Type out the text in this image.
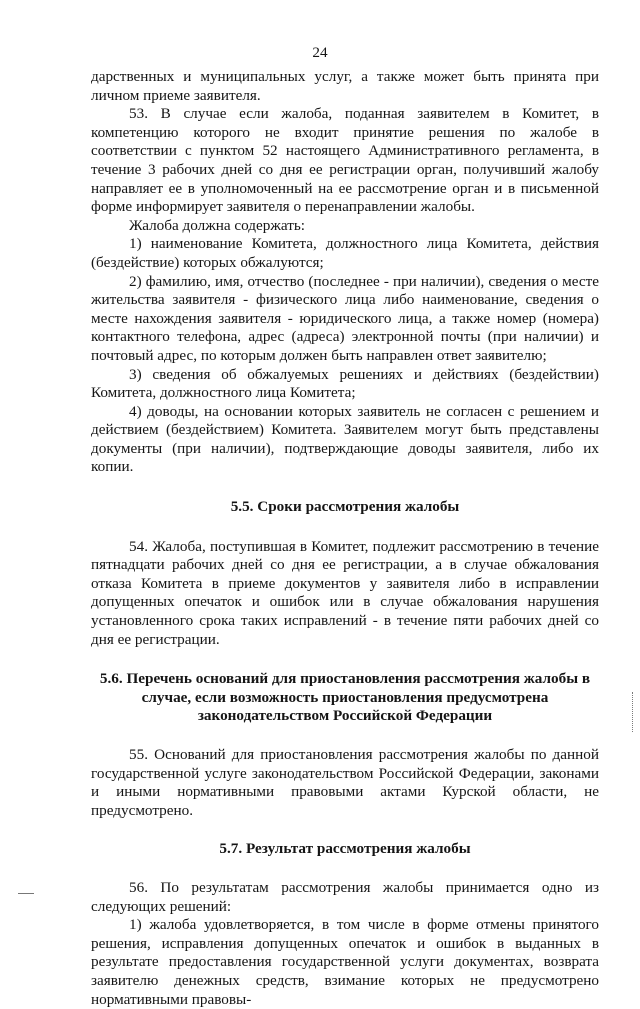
24

дарственных и муниципальных услуг, а также может быть принята при личном приеме заявителя.

53. В случае если жалоба, поданная заявителем в Комитет, в компетенцию которого не входит принятие решения по жалобе в соответствии с пунктом 52 настоящего Административного регламента, в течение 3 рабочих дней со дня ее регистрации орган, получивший жалобу направляет ее в уполномоченный на ее рассмотрение орган и в письменной форме информирует заявителя о перенаправлении жалобы.

Жалоба должна содержать:

1) наименование Комитета, должностного лица Комитета, действия (бездействие) которых обжалуются;

2) фамилию, имя, отчество (последнее - при наличии), сведения о месте жительства заявителя - физического лица либо наименование, сведения о месте нахождения заявителя - юридического лица, а также номер (номера) контактного телефона, адрес (адреса) электронной почты (при наличии) и почтовый адрес, по которым должен быть направлен ответ заявителю;

3) сведения об обжалуемых решениях и действиях (бездействии) Комитета, должностного лица Комитета;

4) доводы, на основании которых заявитель не согласен с решением и действием (бездействием) Комитета. Заявителем могут быть представлены документы (при наличии), подтверждающие доводы заявителя, либо их копии.

5.5. Сроки рассмотрения жалобы

54. Жалоба, поступившая в Комитет, подлежит рассмотрению в течение пятнадцати рабочих дней со дня ее регистрации, а в случае обжалования отказа Комитета в приеме документов у заявителя либо в исправлении допущенных опечаток и ошибок или в случае обжалования нарушения установленного срока таких исправлений - в течение пяти рабочих дней со дня ее регистрации.

5.6. Перечень оснований для приостановления рассмотрения жалобы в случае, если возможность приостановления предусмотрена законодательством Российской Федерации

55. Оснований для приостановления рассмотрения жалобы по данной государственной услуге законодательством Российской Федерации, законами и иными нормативными правовыми актами Курской области, не предусмотрено.

5.7. Результат рассмотрения жалобы

56. По результатам рассмотрения жалобы принимается одно из следующих решений:

1) жалоба удовлетворяется, в том числе в форме отмены принятого решения, исправления допущенных опечаток и ошибок в выданных в результате предоставления государственной услуги документах, возврата заявителю денежных средств, взимание которых не предусмотрено нормативными правовы-
